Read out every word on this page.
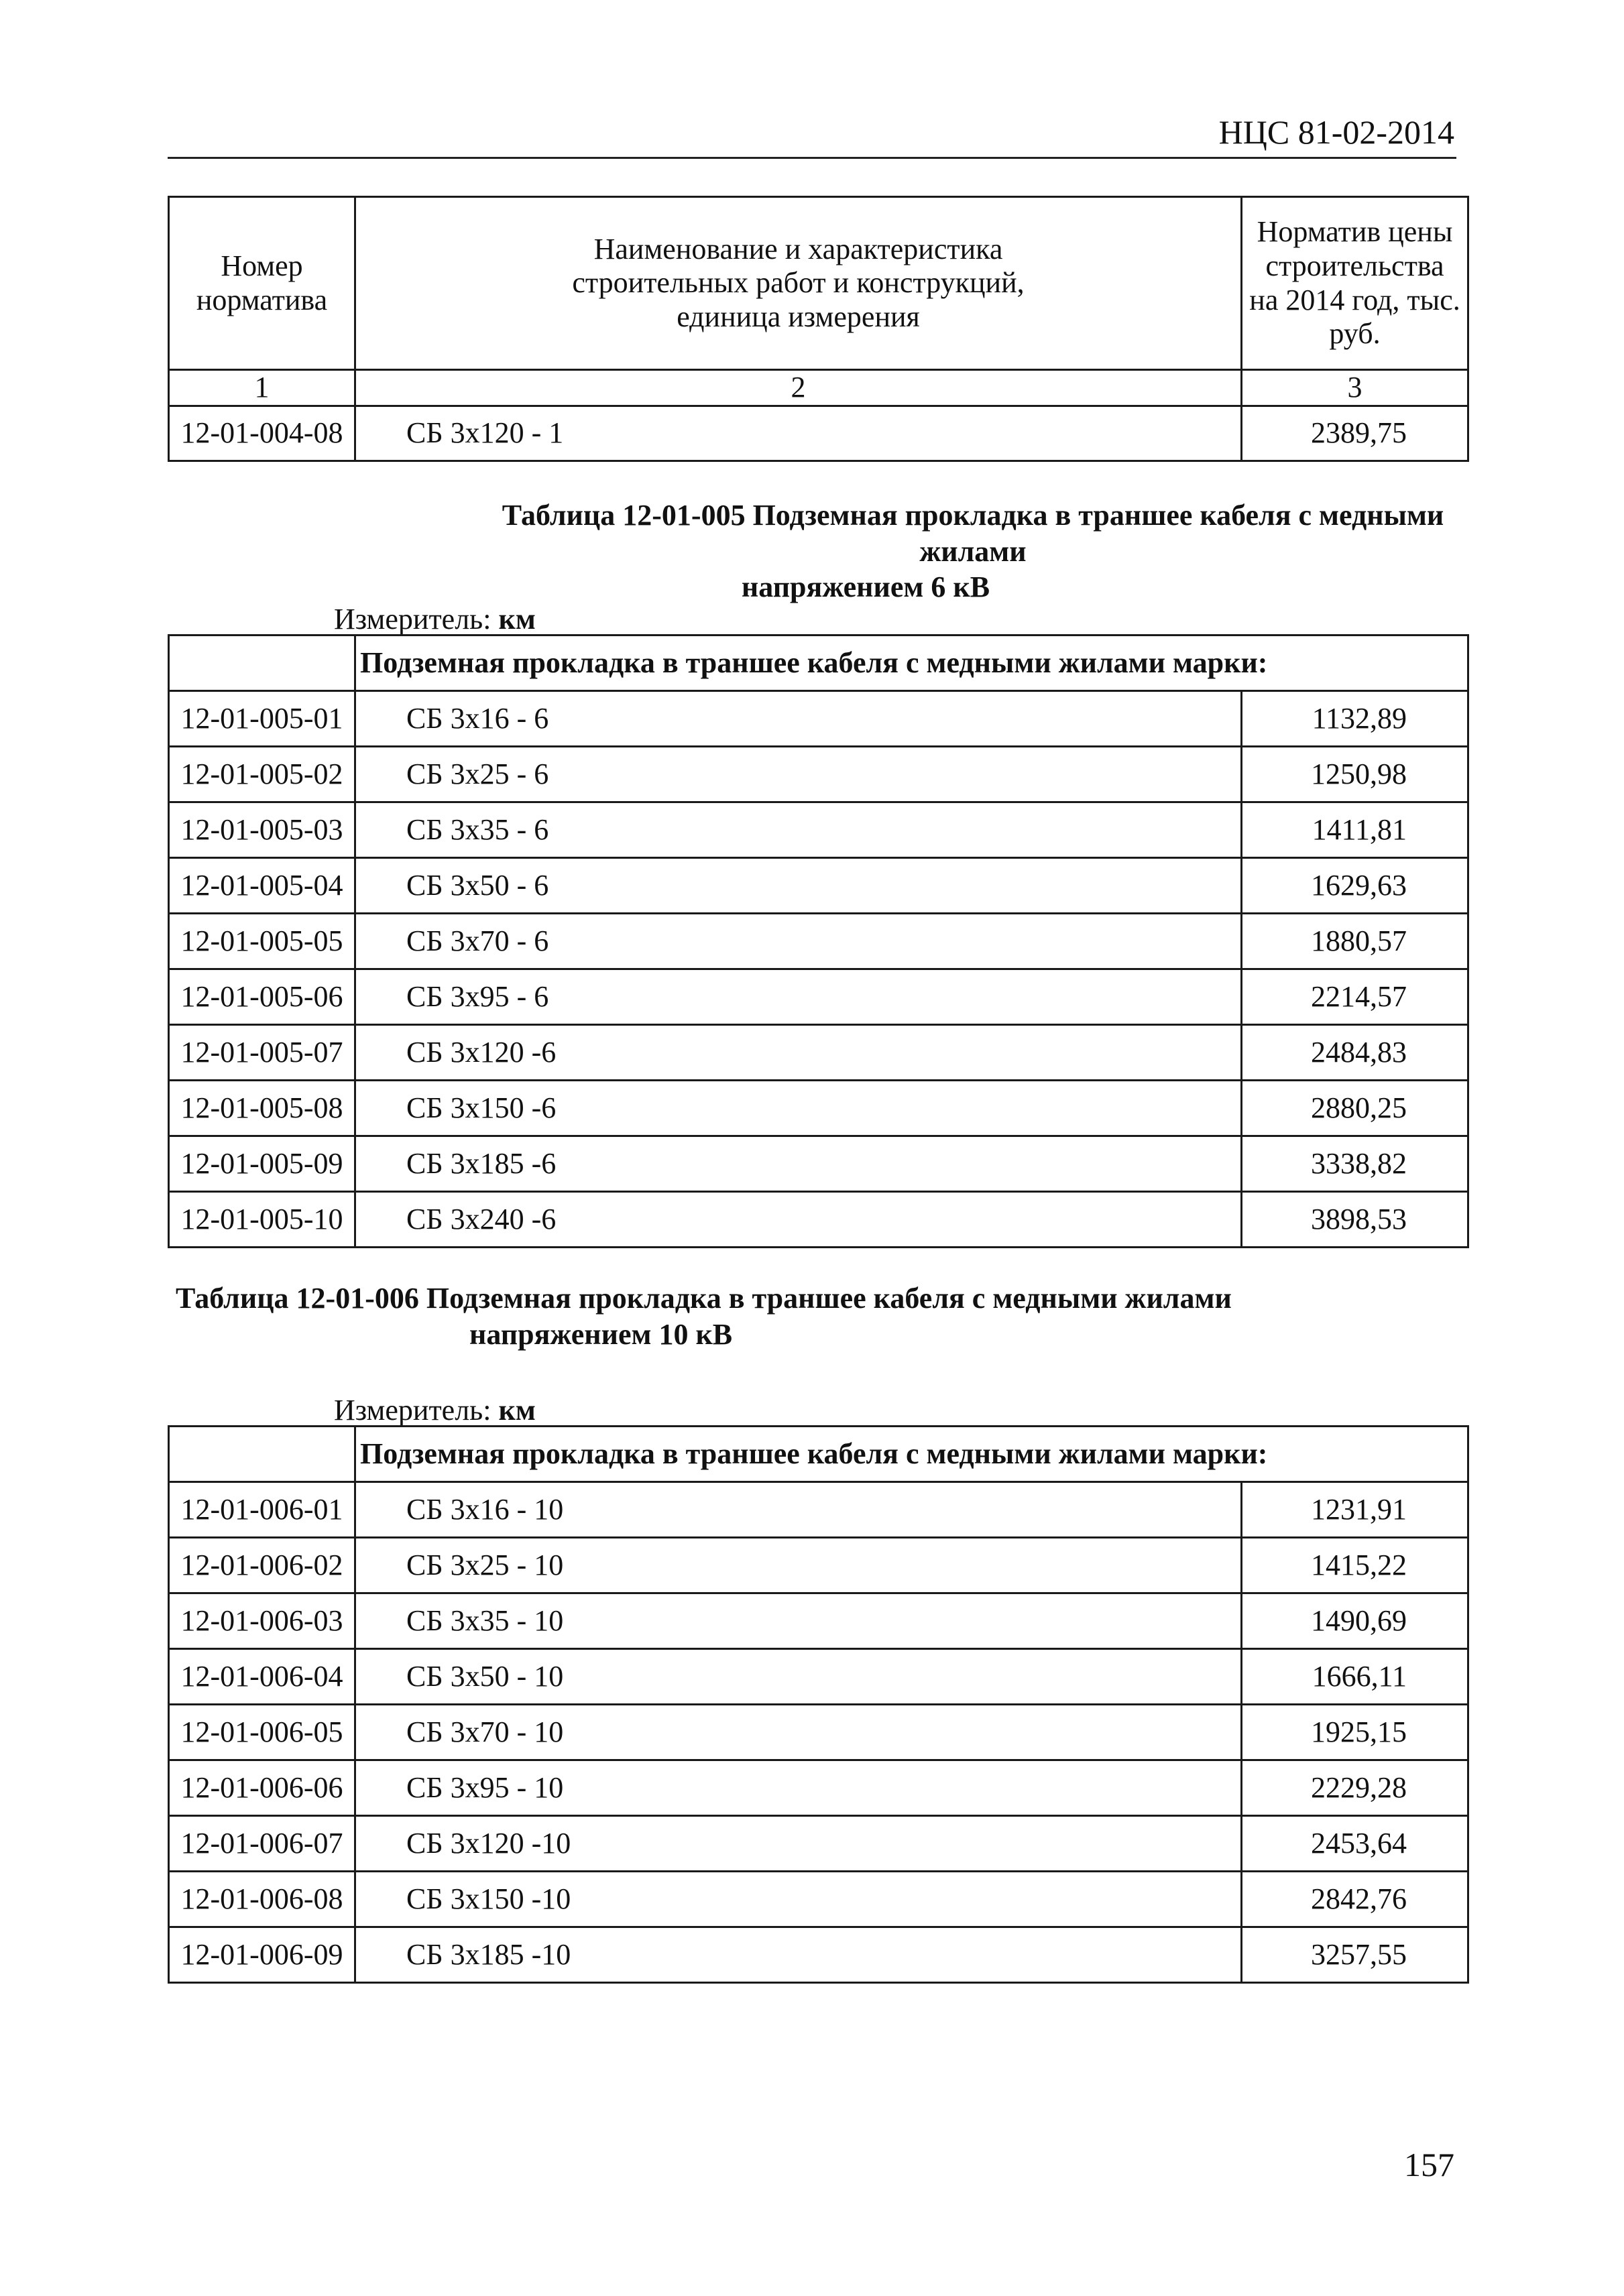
НЦС 81-02-2014
Номер норматива	Наименование и характеристика строительных работ и конструкций, единица измерения	Норматив цены строительства на 2014 год, тыс. руб.
1	2	3
12-01-004-08	СБ 3х120 - 1	2389,75
Таблица 12-01-005 Подземная прокладка в траншее кабеля с медными жилами
напряжением 6 кВ
Измеритель: км
	Подземная прокладка в траншее кабеля с медными жилами марки:	
12-01-005-01	СБ 3х16 - 6	1132,89
12-01-005-02	СБ 3х25 - 6	1250,98
12-01-005-03	СБ 3х35 - 6	1411,81
12-01-005-04	СБ 3х50 - 6	1629,63
12-01-005-05	СБ 3х70 - 6	1880,57
12-01-005-06	СБ 3х95 - 6	2214,57
12-01-005-07	СБ 3х120 -6	2484,83
12-01-005-08	СБ 3х150 -6	2880,25
12-01-005-09	СБ 3х185 -6	3338,82
12-01-005-10	СБ 3х240 -6	3898,53
Таблица 12-01-006 Подземная прокладка в траншее кабеля с медными жилами
напряжением 10 кВ
Измеритель: км
	Подземная прокладка в траншее кабеля с медными жилами марки:	
12-01-006-01	СБ 3х16 - 10	1231,91
12-01-006-02	СБ 3х25 - 10	1415,22
12-01-006-03	СБ 3х35 - 10	1490,69
12-01-006-04	СБ 3х50 - 10	1666,11
12-01-006-05	СБ 3х70 - 10	1925,15
12-01-006-06	СБ 3х95 - 10	2229,28
12-01-006-07	СБ 3х120 -10	2453,64
12-01-006-08	СБ 3х150 -10	2842,76
12-01-006-09	СБ 3х185 -10	3257,55
157
